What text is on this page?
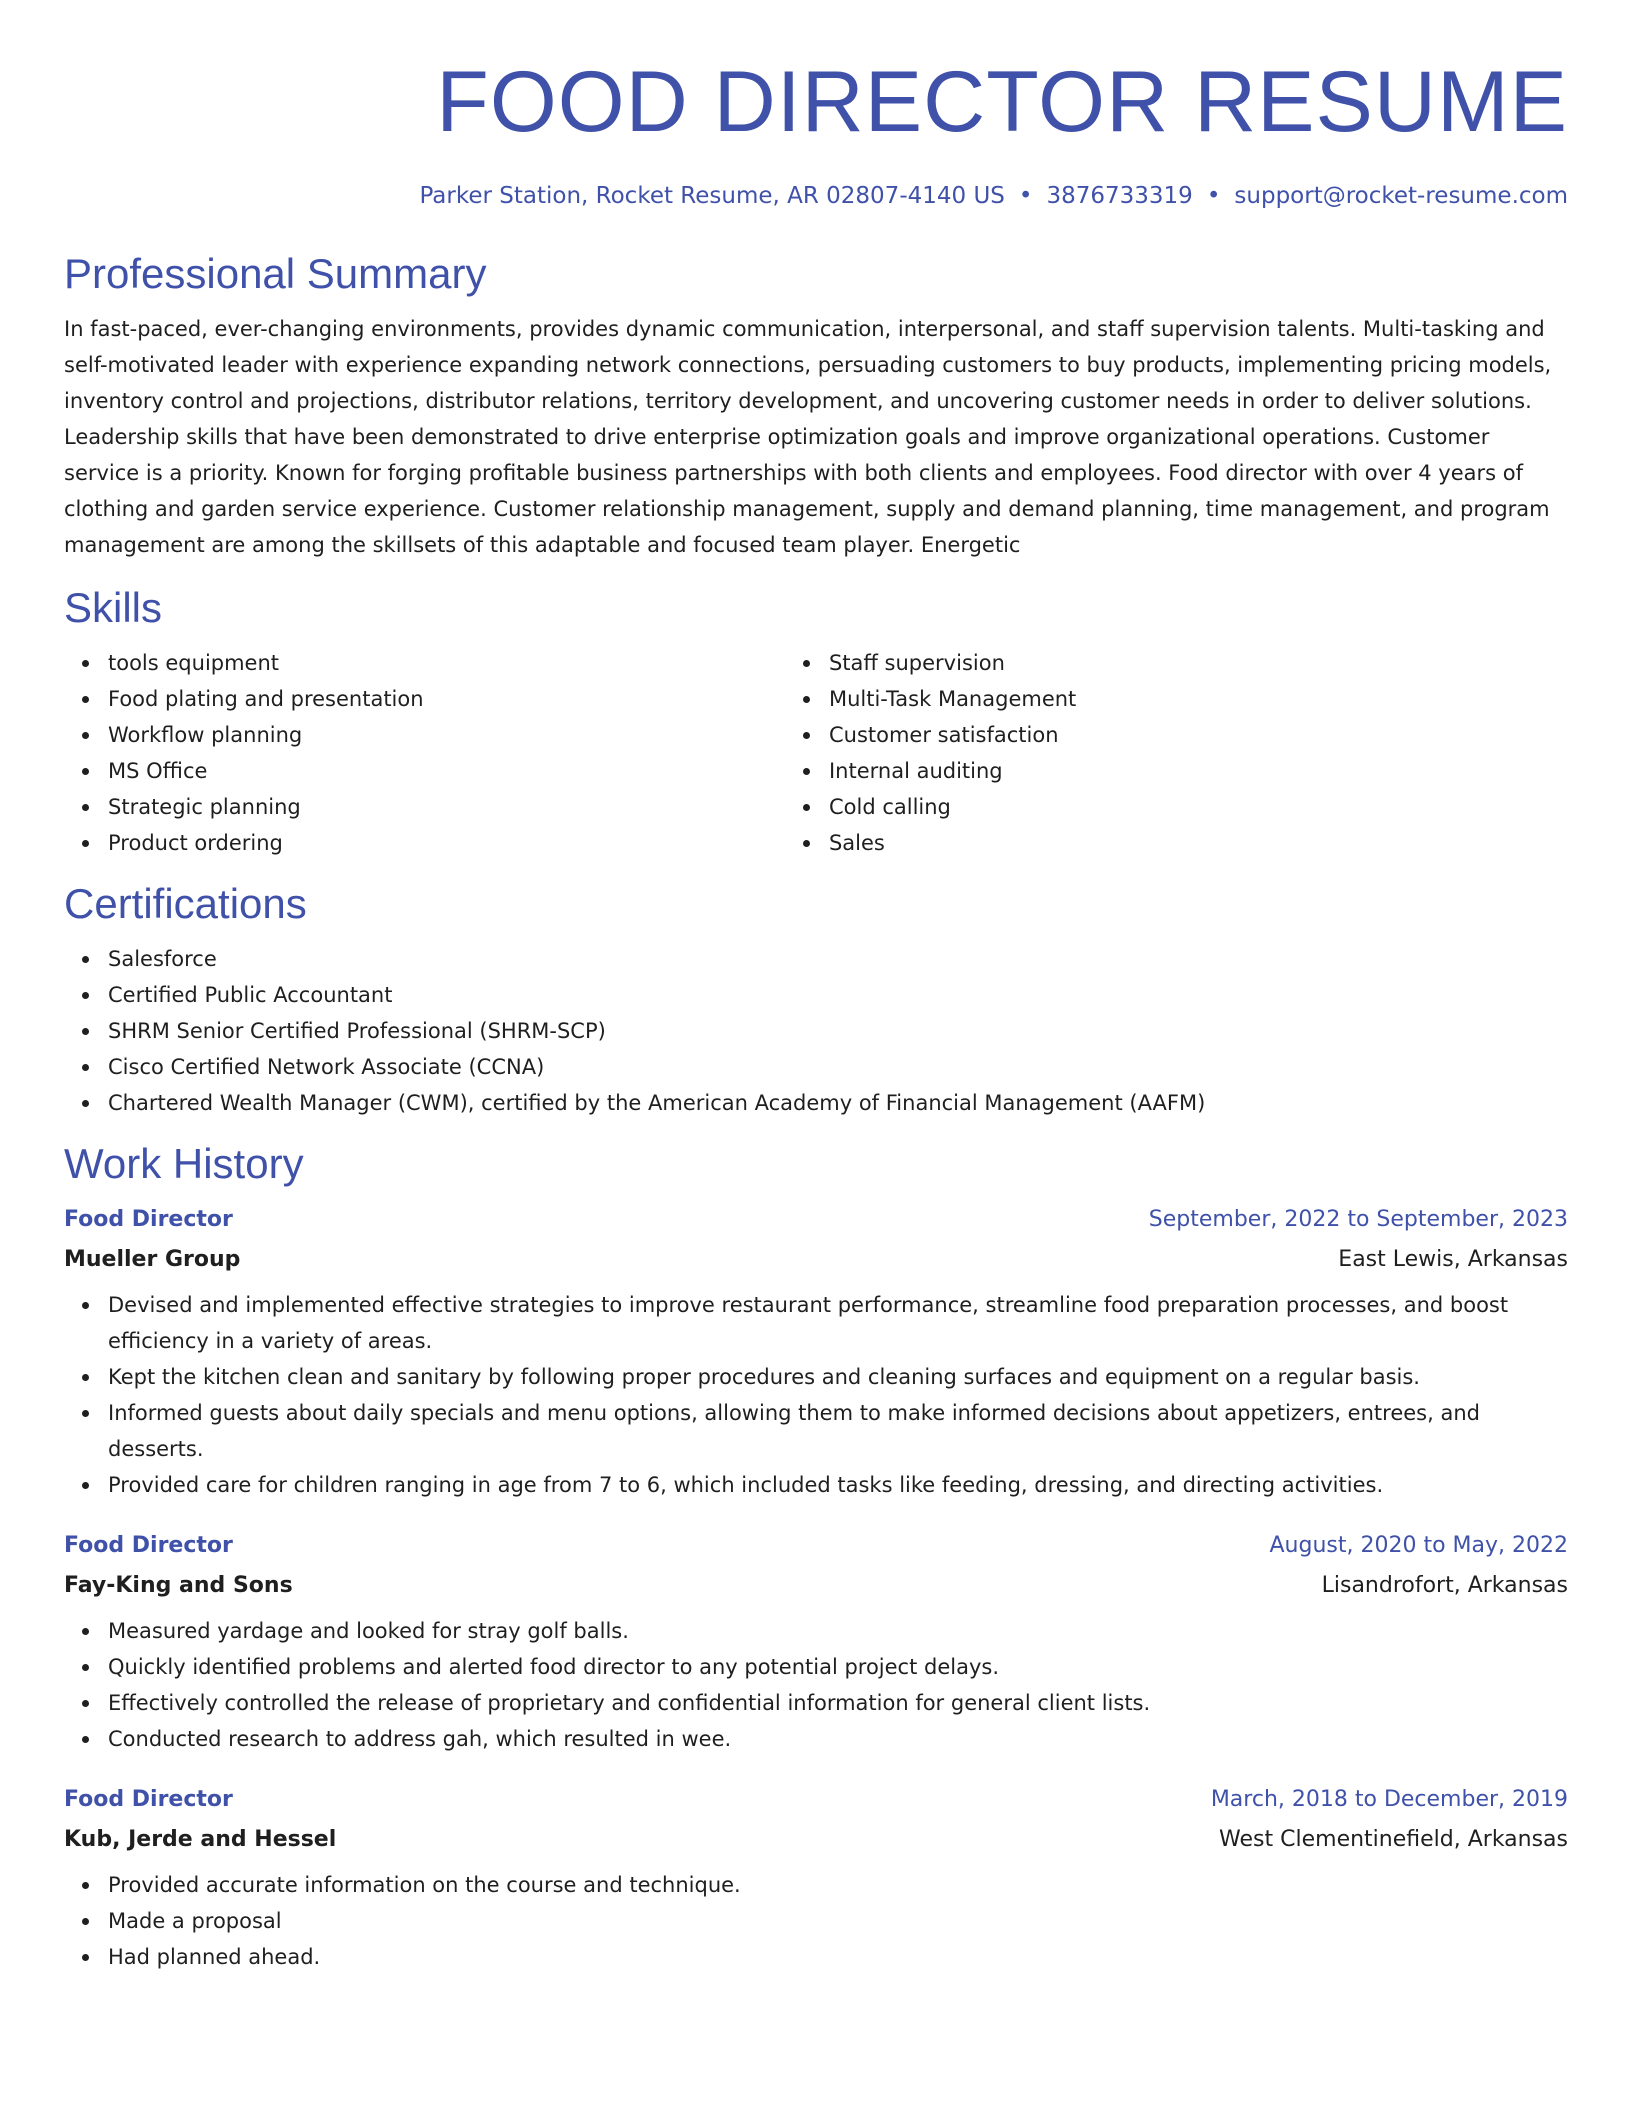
FOOD DIRECTOR RESUME
Parker Station, Rocket Resume, AR 02807-4140 US • 3876733319 • support@rocket-resume.com
Professional Summary

In fast-paced, ever-changing environments, provides dynamic communication, interpersonal, and staff supervision talents. Multi-tasking and self-motivated leader with experience expanding network connections, persuading customers to buy products, implementing pricing models, inventory control and projections, distributor relations, territory development, and uncovering customer needs in order to deliver solutions. Leadership skills that have been demonstrated to drive enterprise optimization goals and improve organizational operations. Customer service is a priority. Known for forging profitable business partnerships with both clients and employees. Food director with over 4 years of clothing and garden service experience. Customer relationship management, supply and demand planning, time management, and program management are among the skillsets of this adaptable and focused team player. Energetic

Skills
tools equipment
Food plating and presentation
Workflow planning
MS Office
Strategic planning
Product ordering
Staff supervision
Multi-Task Management
Customer satisfaction
Internal auditing
Cold calling
Sales
Certifications
Salesforce
Certified Public Accountant
SHRM Senior Certified Professional (SHRM-SCP)
Cisco Certified Network Associate (CCNA)
Chartered Wealth Manager (CWM), certified by the American Academy of Financial Management (AAFM)
Work History
Food Director	September, 2022 to September, 2023
Mueller Group	East Lewis, Arkansas
Devised and implemented effective strategies to improve restaurant performance, streamline food preparation processes, and boost efficiency in a variety of areas.
Kept the kitchen clean and sanitary by following proper procedures and cleaning surfaces and equipment on a regular basis.
Informed guests about daily specials and menu options, allowing them to make informed decisions about appetizers, entrees, and desserts.
Provided care for children ranging in age from 7 to 6, which included tasks like feeding, dressing, and directing activities.
Food Director	August, 2020 to May, 2022
Fay-King and Sons	Lisandrofort, Arkansas
Measured yardage and looked for stray golf balls.
Quickly identified problems and alerted food director to any potential project delays.
Effectively controlled the release of proprietary and confidential information for general client lists.
Conducted research to address gah, which resulted in wee.
Food Director	March, 2018 to December, 2019
Kub, Jerde and Hessel	West Clementinefield, Arkansas
Provided accurate information on the course and technique.
Made a proposal
Had planned ahead.
